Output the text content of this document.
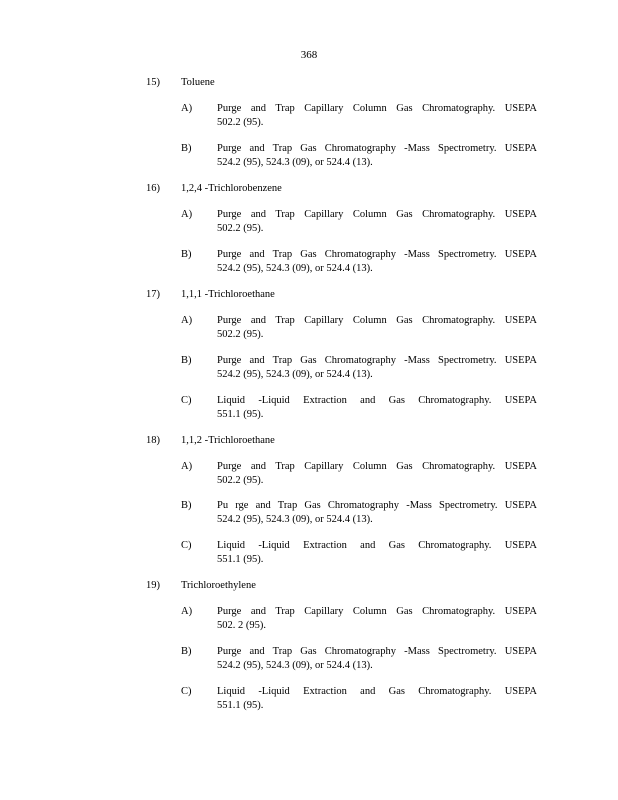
368
15) Toluene
A) Purge and Trap Capillary Column Gas Chromatography. USEPA
502.2 (95).
B) Purge and Trap Gas Chromatography -Mass Spectrometry. USEPA
524.2 (95), 524.3 (09), or 524.4 (13).
16) 1,2,4 -Trichlorobenzene
A) Purge and Trap Capillary Column Gas Chromatography. USEPA
502.2 (95).
B) Purge and Trap Gas Chromatography -Mass Spectrometry. USEPA
524.2 (95), 524.3 (09), or 524.4 (13).
17) 1,1,1 -Trichloroethane
A) Purge and Trap Capillary Column Gas Chromatography. USEPA
502.2 (95).
B) Purge and Trap Gas Chromatography -Mass Spectrometry. USEPA
524.2 (95), 524.3 (09), or 524.4 (13).
C) Liquid -Liquid Extraction and Gas Chromatography. USEPA
551.1 (95).
18) 1,1,2 -Trichloroethane
A) Purge and Trap Capillary Column Gas Chromatography. USEPA
502.2 (95).
B) Pu rge and Trap Gas Chromatography -Mass Spectrometry. USEPA
524.2 (95), 524.3 (09), or 524.4 (13).
C) Liquid -Liquid Extraction and Gas Chromatography. USEPA
551.1 (95).
19) Trichloroethylene
A) Purge and Trap Capillary Column Gas Chromatography. USEPA
502. 2 (95).
B) Purge and Trap Gas Chromatography -Mass Spectrometry. USEPA
524.2 (95), 524.3 (09), or 524.4 (13).
C) Liquid -Liquid Extraction and Gas Chromatography. USEPA
551.1 (95).
